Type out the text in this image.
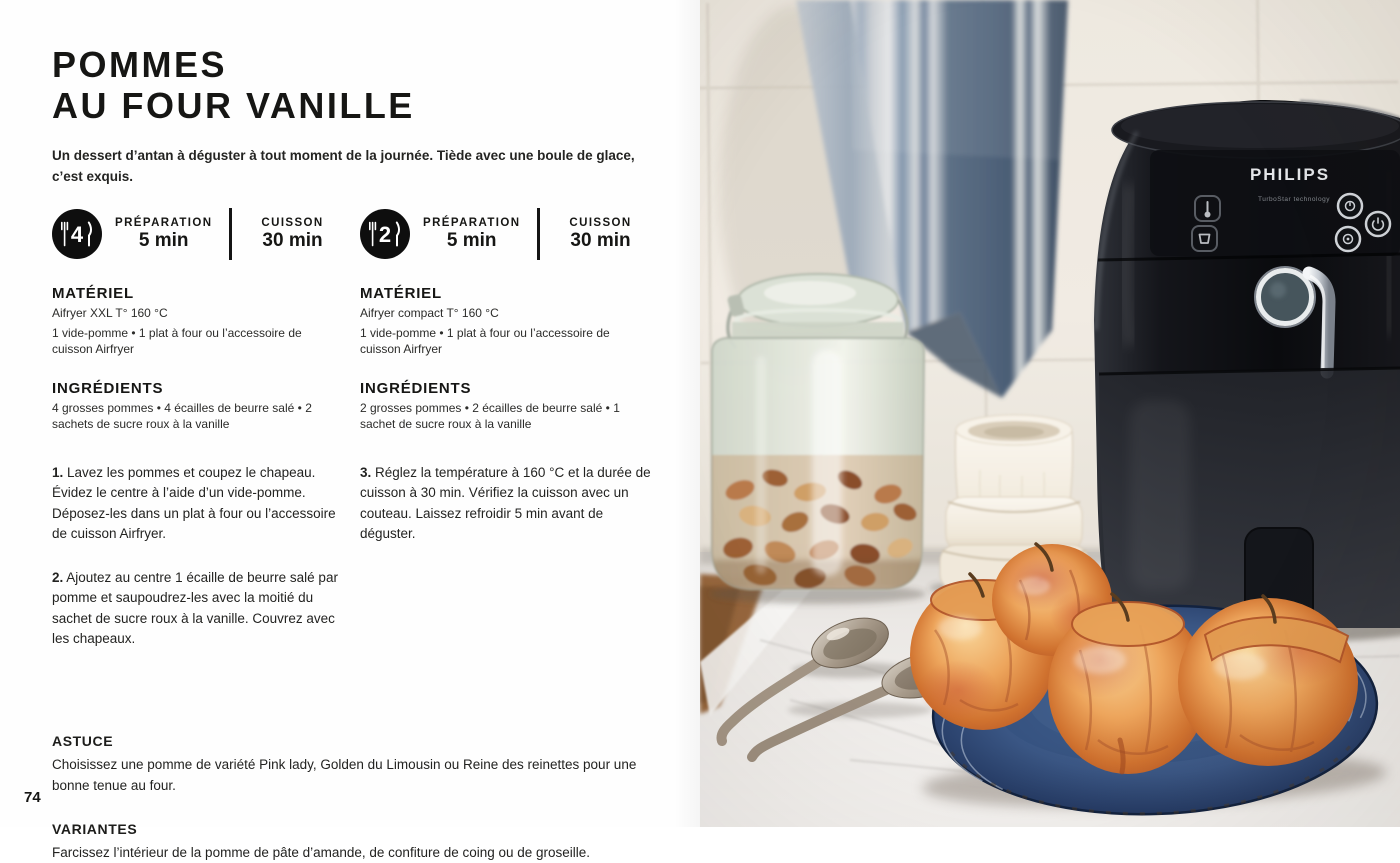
POMMES
AU FOUR VANILLE
Un dessert d’antan à déguster à tout moment de la journée. Tiède avec une boule de glace, c’est exquis.
4	PRÉPARATION
5 min
CUISSON
30 min	2	PRÉPARATION
5 min
CUISSON
30 min
MATÉRIEL

Aifryer XXL T° 160 °C

1 vide-pomme • 1 plat à four ou l’accessoire de cuisson Airfryer

INGRÉDIENTS

4 grosses pommes • 4 écailles de beurre salé • 2 sachets de sucre roux à la vanille

1. Lavez les pommes et coupez le chapeau. Évidez le centre à l’aide d’un vide-pomme. Déposez-les dans un plat à four ou l’accessoire de cuisson Airfryer.

2. Ajoutez au centre 1 écaille de beurre salé par pomme et saupoudrez-les avec la moitié du sachet de sucre roux à la vanille. Couvrez avec les chapeaux.

MATÉRIEL

Aifryer compact T° 160 °C

1 vide-pomme • 1 plat à four ou l’accessoire de cuisson Airfryer

INGRÉDIENTS

2 grosses pommes • 2 écailles de beurre salé • 1 sachet de sucre roux à la vanille

3. Réglez la température à 160 °C et la durée de cuisson à 30 min. Vérifiez la cuisson avec un couteau. Laissez refroidir 5 min avant de déguster.

ASTUCE

Choisissez une pomme de variété Pink lady, Golden du Limousin ou Reine des reinettes pour une bonne tenue au four.

VARIANTES

Farcissez l’intérieur de la pomme de pâte d’amande, de confiture de coing ou de groseille.

74
